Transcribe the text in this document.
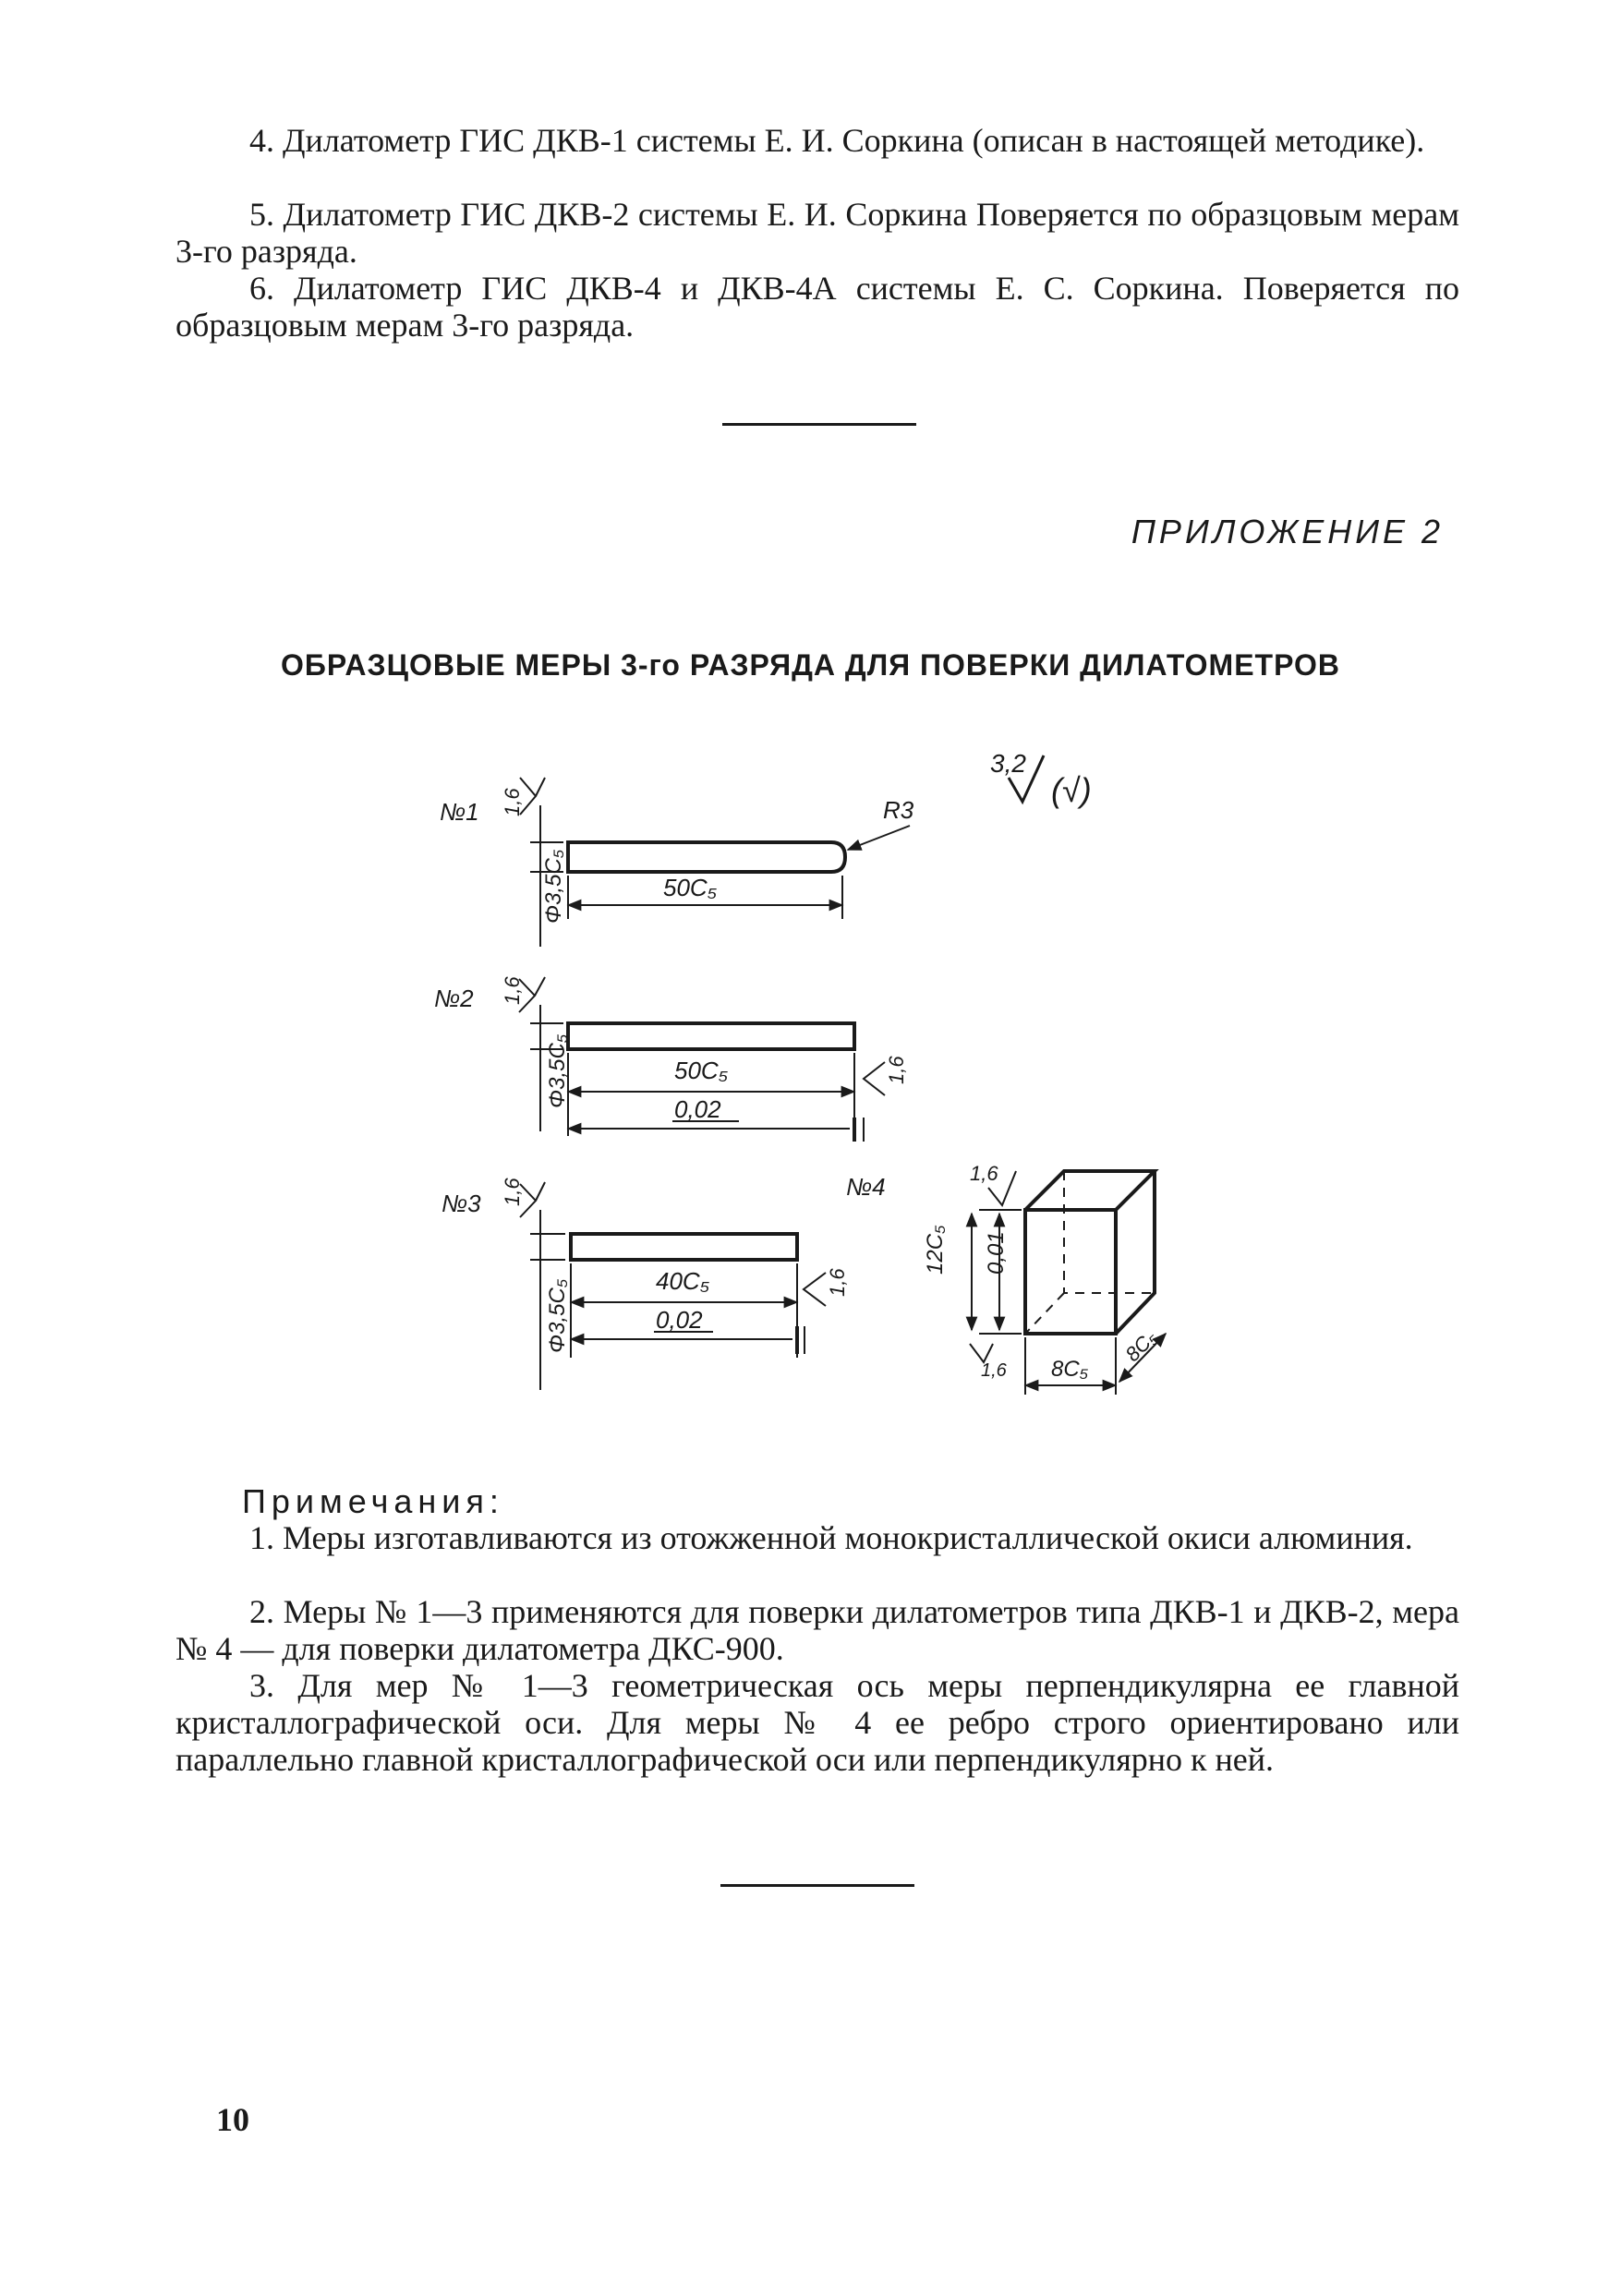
4. Дилатометр ГИС ДКВ-1 системы Е. И. Соркина (описан в настоящей методике).

5. Дилатометр ГИС ДКВ-2 системы Е. И. Соркина Поверяется по образцовым мерам 3-го разряда.

6. Дилатометр ГИС ДКВ-4 и ДКВ-4А системы Е. С. Соркина. Поверяется по образцовым мерам 3-го разряда.

ПРИЛОЖЕНИЕ 2
ОБРАЗЦОВЫЕ МЕРЫ 3-го РАЗРЯДА ДЛЯ ПОВЕРКИ ДИЛАТОМЕТРОВ
3,2
(√)
№1 1,6	R3
50C₅
Φ3,5C₅
№2 1,6
50C₅
0,02
1,6
Φ3,5C₅
№3 1,6
40C₅
0,02
1,6
Φ3,5C₅
№4	1,6
12C₅ 0,01
1,6 8C₅
8C₅
Примечания:

1. Меры изготавливаются из отожженной монокристаллической окиси алюминия.

2. Меры № 1—3 применяются для поверки дилатометров типа ДКВ-1 и ДКВ-2, мера № 4 — для поверки дилатометра ДКС-900.

3. Для мер № 1—3 геометрическая ось меры перпендикулярна ее главной кристаллографической оси. Для меры № 4 ее ребро строго ориентировано или параллельно главной кристаллографической оси или перпендикулярно к ней.

10
